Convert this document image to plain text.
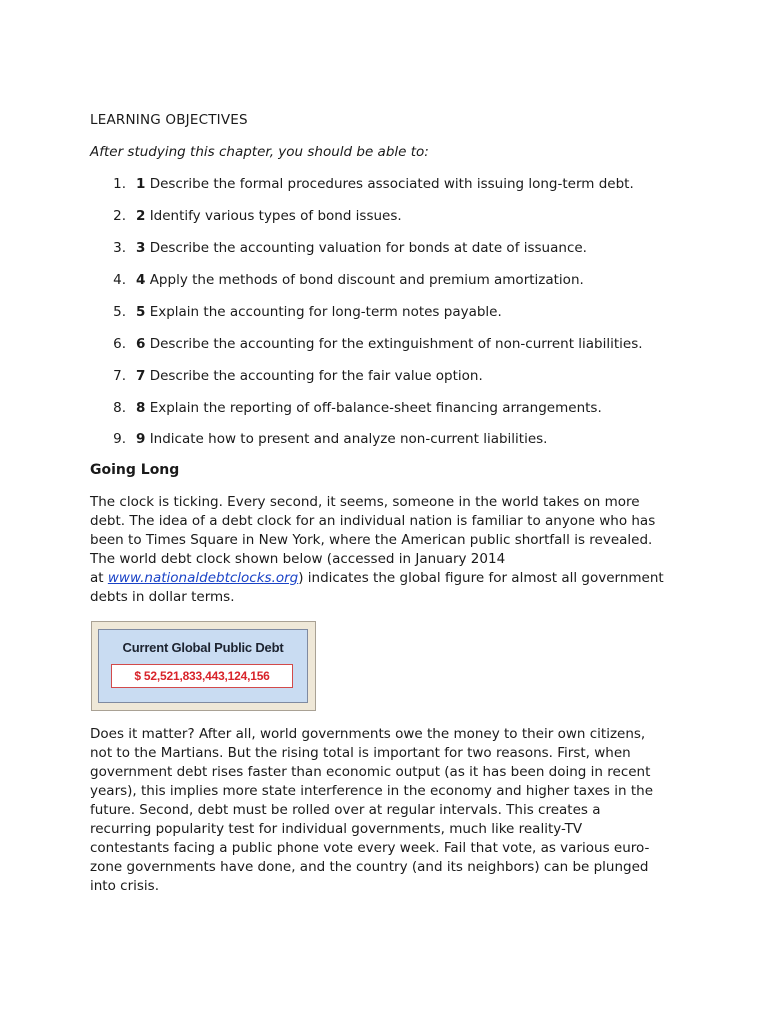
LEARNING OBJECTIVES
After studying this chapter, you should be able to:
1. 1 Describe the formal procedures associated with issuing long-term debt.
2. 2 Identify various types of bond issues.
3. 3 Describe the accounting valuation for bonds at date of issuance.
4. 4 Apply the methods of bond discount and premium amortization.
5. 5 Explain the accounting for long-term notes payable.
6. 6 Describe the accounting for the extinguishment of non-current liabilities.
7. 7 Describe the accounting for the fair value option.
8. 8 Explain the reporting of off-balance-sheet financing arrangements.
9. 9 Indicate how to present and analyze non-current liabilities.
Going Long

The clock is ticking. Every second, it seems, someone in the world takes on more
debt. The idea of a debt clock for an individual nation is familiar to anyone who has
been to Times Square in New York, where the American public shortfall is revealed.
The world debt clock shown below (accessed in January 2014
at www.nationaldebtclocks.org) indicates the global figure for almost all government
debts in dollar terms.

Does it matter? After all, world governments owe the money to their own citizens,
not to the Martians. But the rising total is important for two reasons. First, when
government debt rises faster than economic output (as it has been doing in recent
years), this implies more state interference in the economy and higher taxes in the
future. Second, debt must be rolled over at regular intervals. This creates a
recurring popularity test for individual governments, much like reality-TV
contestants facing a public phone vote every week. Fail that vote, as various euro-
zone governments have done, and the country (and its neighbors) can be plunged
into crisis.

Current Global Public Debt
$ 52,521,833,443,124,156
